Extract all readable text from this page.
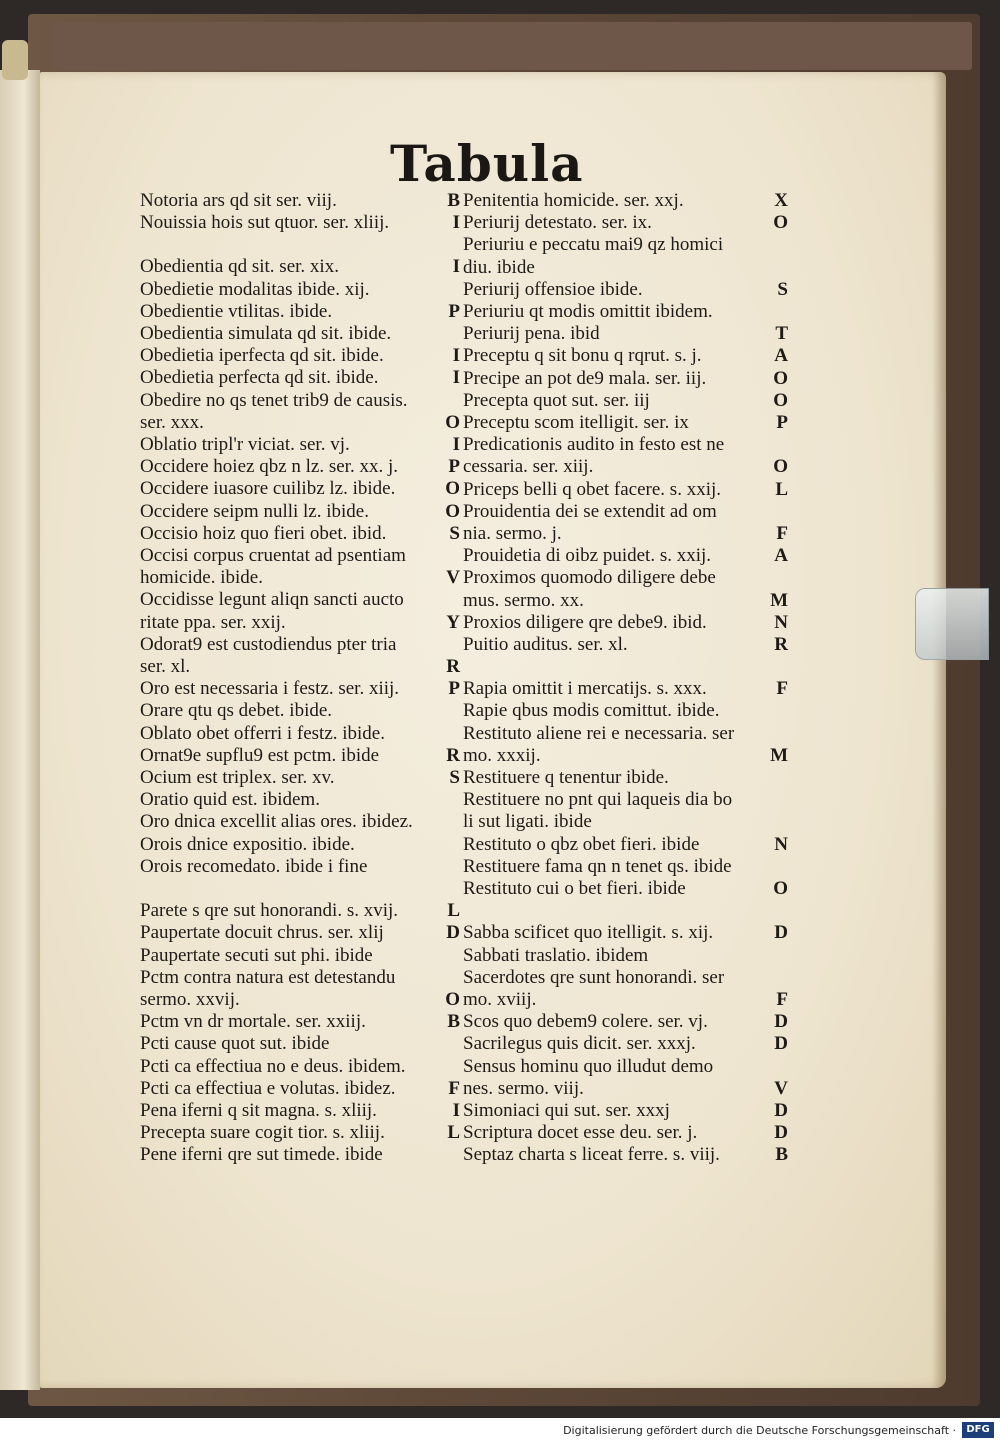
Tabula
Notoria ars qd sit ser. viij.	B
Nouissia hois sut qtuor. ser. xliij.	I
Obedientia qd sit. ser. xix.	I
Obedietie modalitas ibide. xij.
Obedientie vtilitas. ibide.	P
Obedientia simulata qd sit. ibide.
Obedietia iperfecta qd sit. ibide.	I
Obedietia perfecta qd sit. ibide.	I
Obedire no qs tenet trib9 de causis.
ser. xxx.	O
Oblatio tripl'r viciat. ser. vj.	I
Occidere hoiez qbz n lz. ser. xx. j.	P
Occidere iuasore cuilibz lz. ibide.	O
Occidere seipm nulli lz. ibide.	O
Occisio hoiz quo fieri obet. ibid.	S
Occisi corpus cruentat ad psentiam
homicide. ibide.	V
Occidisse legunt aliqn sancti aucto
ritate ppa. ser. xxij.	Y
Odorat9 est custodiendus pter tria
ser. xl.	R
Oro est necessaria i festz. ser. xiij.	P
Orare qtu qs debet. ibide.
Oblato obet offerri i festz. ibide.
Ornat9e supflu9 est pctm. ibide	R
Ocium est triplex. ser. xv.	S
Oratio quid est. ibidem.
Oro dnica excellit alias ores. ibidez.
Orois dnice expositio. ibide.
Orois recomedato. ibide i fine
Parete s qre sut honorandi. s. xvij.	L
Paupertate docuit chrus. ser. xlij	D
Paupertate secuti sut phi. ibide
Pctm contra natura est detestandu
sermo. xxvij.	O
Pctm vn dr mortale. ser. xxiij.	B
Pcti cause quot sut. ibide
Pcti ca effectiua no e deus. ibidem.
Pcti ca effectiua e volutas. ibidez.	F
Pena iferni q sit magna. s. xliij.	I
Precepta suare cogit tior. s. xliij.	L
Pene iferni qre sut timede. ibide
Penitentia homicide. ser. xxj.	X
Periurij detestato. ser. ix.	O
Periuriu e peccatu mai9 qz homici
diu. ibide
Periurij offensioe ibide.	S
Periuriu qt modis omittit ibidem.
Periurij pena. ibid	T
Preceptu q sit bonu q rqrut. s. j.	A
Precipe an pot de9 mala. ser. iij.	O
Precepta quot sut. ser. iij	O
Preceptu scom itelligit. ser. ix	P
Predicationis audito in festo est ne
cessaria. ser. xiij.	O
Priceps belli q obet facere. s. xxij.	L
Prouidentia dei se extendit ad om
nia. sermo. j.	F
Prouidetia di oibz puidet. s. xxij.	A
Proximos quomodo diligere debe
mus. sermo. xx.	M
Proxios diligere qre debe9. ibid.	N
Puitio auditus. ser. xl.	R
Rapia omittit i mercatijs. s. xxx.	F
Rapie qbus modis comittut. ibide.
Restituto aliene rei e necessaria. ser
mo. xxxij.	M
Restituere q tenentur ibide.
Restituere no pnt qui laqueis dia bo
li sut ligati. ibide
Restituto o qbz obet fieri. ibide	N
Restituere fama qn n tenet qs. ibide
Restituto cui o bet fieri. ibide	O
Sabba scificet quo itelligit. s. xij.	D
Sabbati traslatio. ibidem
Sacerdotes qre sunt honorandi. ser
mo. xviij.	F
Scos quo debem9 colere. ser. vj.	D
Sacrilegus quis dicit. ser. xxxj.	D
Sensus hominu quo illudut demo
nes. sermo. viij.	V
Simoniaci qui sut. ser. xxxj	D
Scriptura docet esse deu. ser. j.	D
Septaz charta s liceat ferre. s. viij.	B
Digitalisierung gefördert durch die Deutsche Forschungsgemeinschaft ·	DFG
